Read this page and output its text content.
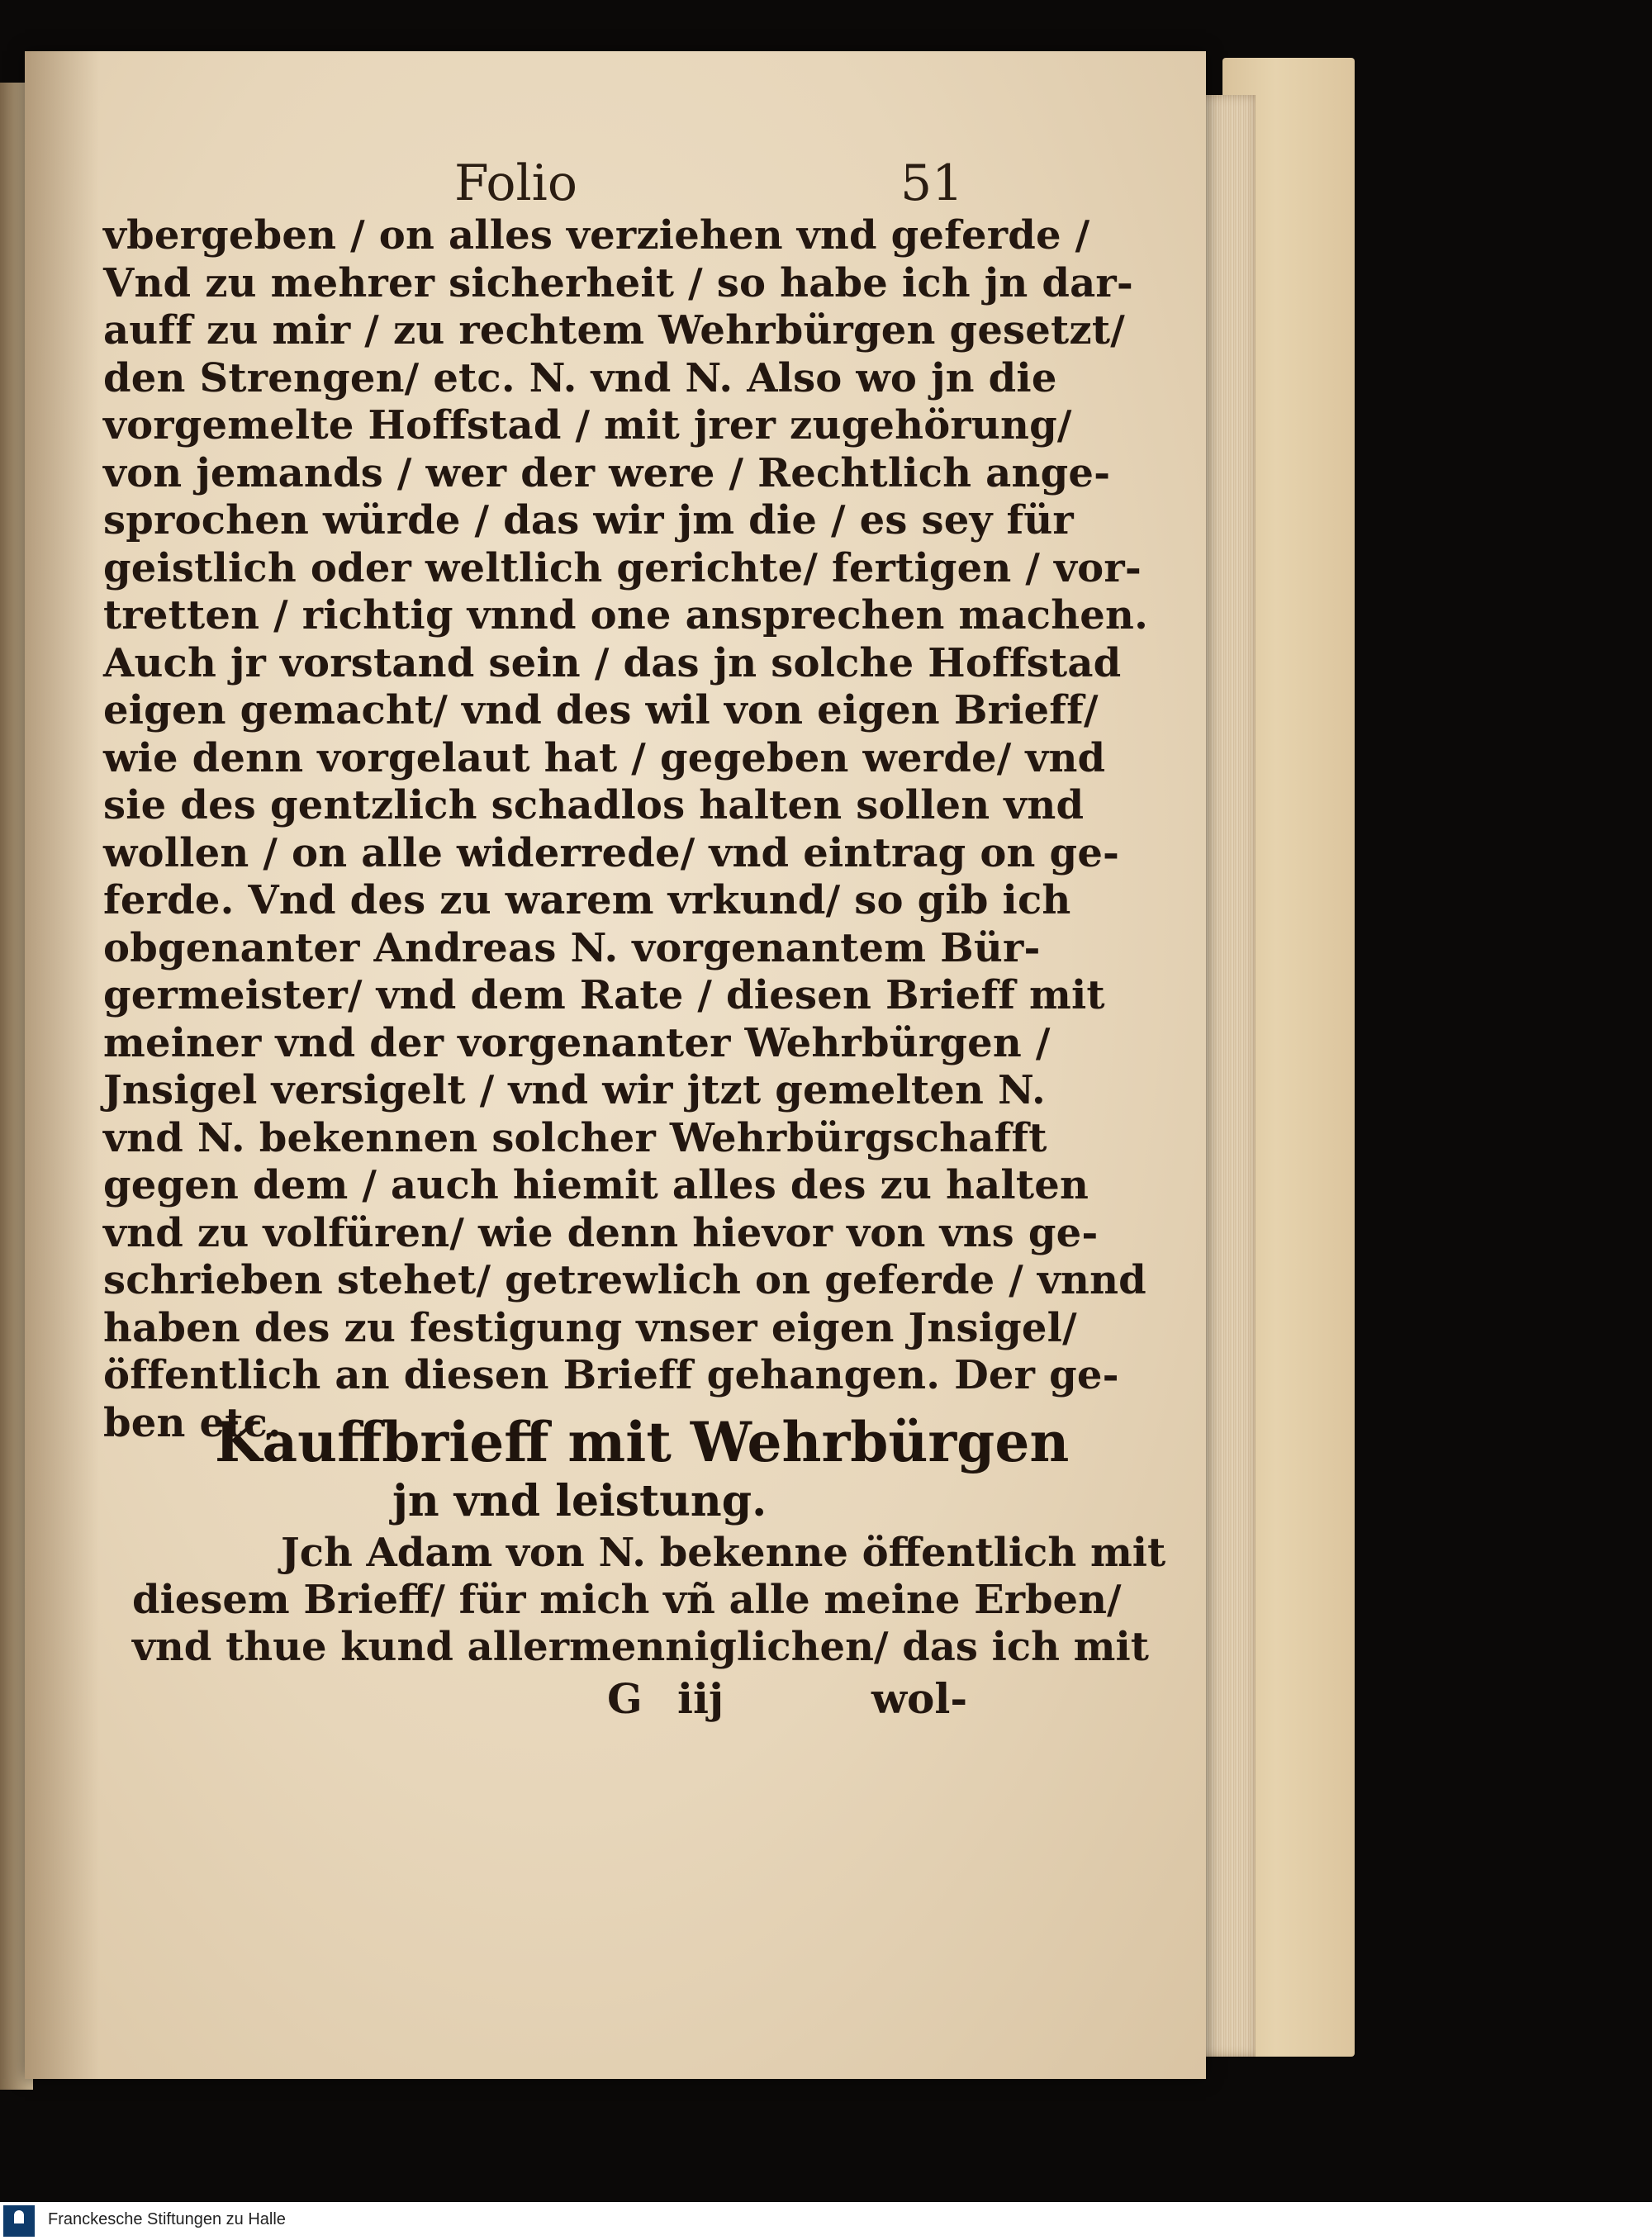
Folio	51
vbergeben / on alles verziehen vnd geferde /
Vnd zu mehrer sicherheit / so habe ich jn dar-
auff zu mir / zu rechtem Wehrbürgen gesetzt/
den Strengen/ etc. N. vnd N. Also wo jn die
vorgemelte Hoffstad / mit jrer zugehörung/
von jemands / wer der were / Rechtlich ange-
sprochen würde / das wir jm die / es sey für
geistlich oder weltlich gerichte/ fertigen / vor-
tretten / richtig vnnd one ansprechen machen.
Auch jr vorstand sein / das jn solche Hoffstad
eigen gemacht/ vnd des wil von eigen Brieff/
wie denn vorgelaut hat / gegeben werde/ vnd
sie des gentzlich schadlos halten sollen vnd
wollen / on alle widerrede/ vnd eintrag on ge-
ferde. Vnd des zu warem vrkund/ so gib ich
obgenanter Andreas N. vorgenantem Bür-
germeister/ vnd dem Rate / diesen Brieff mit
meiner vnd der vorgenanter Wehrbürgen /
Jnsigel versigelt / vnd wir jtzt gemelten N.
vnd N. bekennen solcher Wehrbürgschafft
gegen dem / auch hiemit alles des zu halten
vnd zu volfüren/ wie denn hievor von vns ge-
schrieben stehet/ getrewlich on geferde / vnnd
haben des zu festigung vnser eigen Jnsigel/
öffentlich an diesen Brieff gehangen. Der ge-
ben etc.
Kauffbrieff mit Wehrbürgen
jn vnd leistung.
Jch Adam von N. bekenne öffentlich mit
diesem Brieff/ für mich vñ alle meine Erben/
vnd thue kund allermenniglichen/ das ich mit
G iij	wol-
Franckesche Stiftungen zu Halle
